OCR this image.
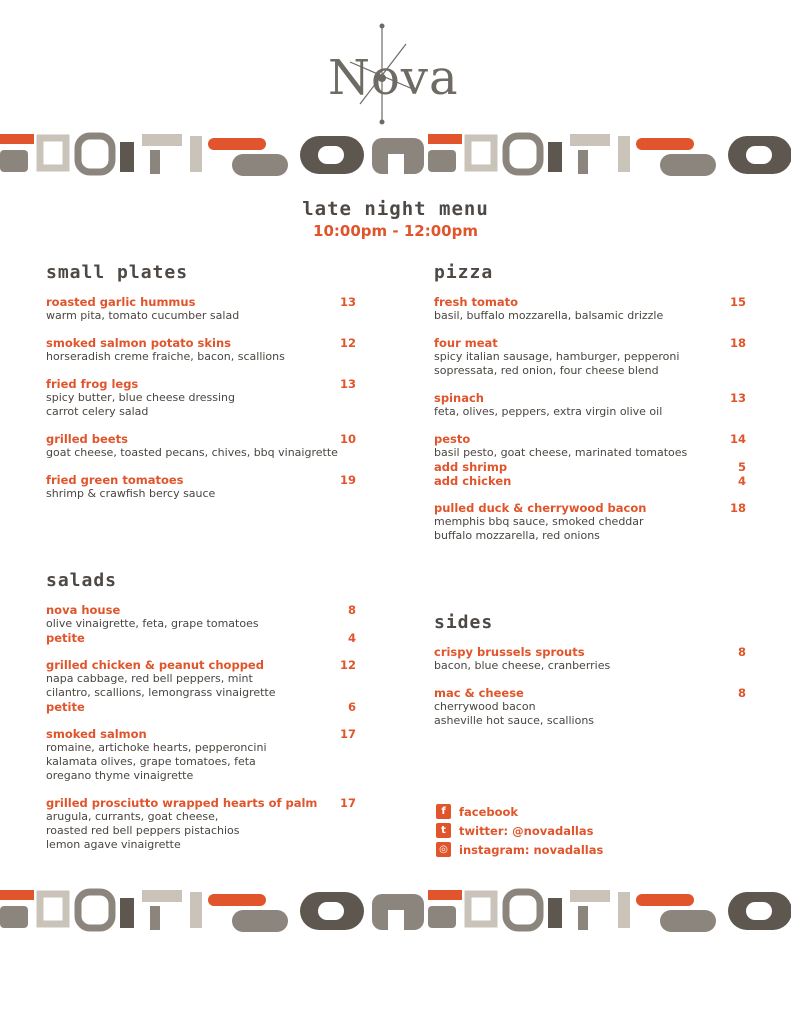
Nova
late night menu
10:00pm - 12:00pm
small plates
roasted garlic hummus	13
warm pita, tomato cucumber salad
smoked salmon potato skins	12
horseradish creme fraiche, bacon, scallions
fried frog legs	13
spicy butter, blue cheese dressing
carrot celery salad
grilled beets	10
goat cheese, toasted pecans, chives, bbq vinaigrette
fried green tomatoes	19
shrimp & crawfish bercy sauce
salads
nova house	8
olive vinaigrette, feta, grape tomatoes
petite	4
grilled chicken & peanut chopped	12
napa cabbage, red bell peppers, mint
cilantro, scallions, lemongrass vinaigrette
petite	6
smoked salmon	17
romaine, artichoke hearts, pepperoncini
kalamata olives, grape tomatoes, feta
oregano thyme vinaigrette
grilled prosciutto wrapped hearts of palm 17
arugula, currants, goat cheese,
roasted red bell peppers pistachios
lemon agave vinaigrette
pizza
fresh tomato	15
basil, buffalo mozzarella, balsamic drizzle
four meat	18
spicy italian sausage, hamburger, pepperoni
sopressata, red onion, four cheese blend
spinach	13
feta, olives, peppers, extra virgin olive oil
pesto	14
basil pesto, goat cheese, marinated tomatoes
add shrimp	5
add chicken	4
pulled duck & cherrywood bacon	18
memphis bbq sauce, smoked cheddar
buffalo mozzarella, red onions
sides
crispy brussels sprouts	8
bacon, blue cheese, cranberries
mac & cheese	8
cherrywood bacon
asheville hot sauce, scallions
f	facebook
t	twitter: @novadallas
◎ instagram: novadallas
